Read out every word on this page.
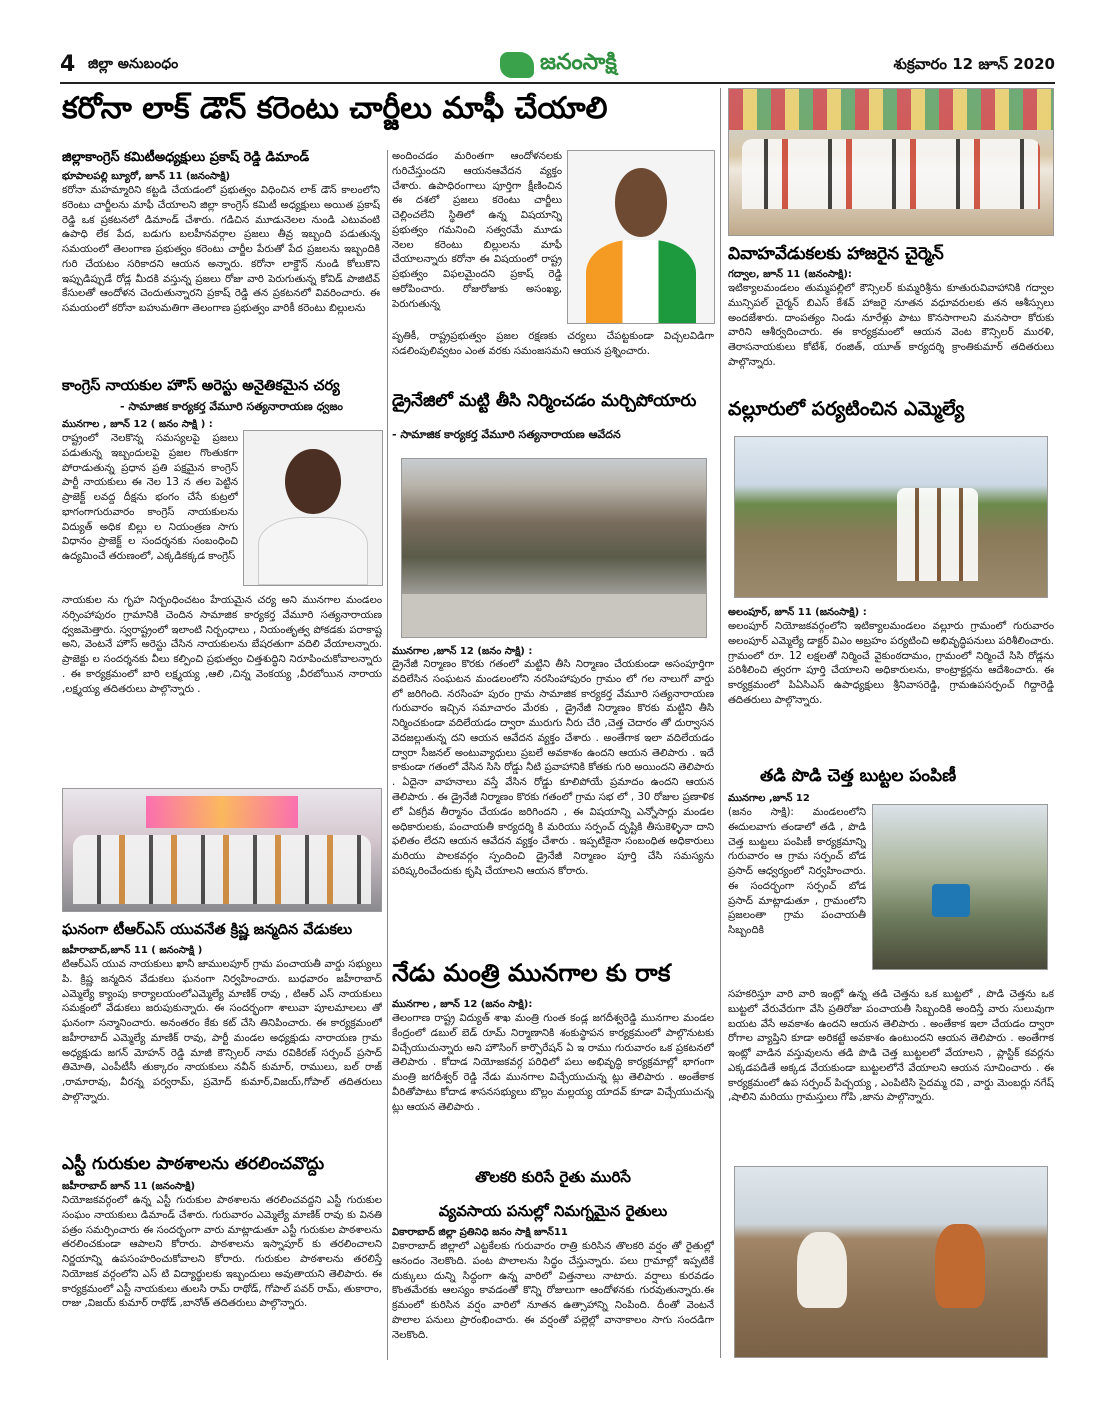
4 జిల్లా అనుబంధం	జనంసాక్షి	శుక్రవారం 12 జూన్ 2020
కరోనా లాక్ డౌన్ కరెంటు చార్జీలు మాఫీ చేయాలి
జిల్లాకాంగ్రెస్ కమిటీఅధ్యక్షులు ప్రకాష్ రెడ్డి డిమాండ్
భూపాలపల్లి బ్యూరో, జూన్ 11 (జనంసాక్షి)
కరోనా మహమ్మారిని కట్టడి చేయడంలో ప్రభుత్వం విధించిన లాక్ డౌన్ కాలంలోని కరెంటు చార్జీలను మాఫీ చేయాలని జిల్లా కాంగ్రెస్ కమిటీ అధ్యక్షులు అయిత ప్రకాష్ రెడ్డి ఒక ప్రకటనలో డిమాండ్ చేశారు. గడిచిన మూడునెలల నుండి ఎటువంటి ఉపాధి లేక పేద, బడుగు బలహీనవర్గాల ప్రజలు తీవ్ర ఇబ్బంది పడుతున్న సమయంలో తెలంగాణ ప్రభుత్వం కరెంటు చార్జీల పేరుతో పేద ప్రజలను ఇబ్బందికి గురి చేయటం సరికాదని ఆయన అన్నారు. కరోనా లాక్డౌన్ నుండి కోలుకొని ఇప్పుడిప్పుడే రోడ్ల మీదకి వస్తున్న ప్రజలు రోజు వారి పెరుగుతున్న కోవిడ్ పాజిటివ్ కేసులతో ఆందోళన చెందుతున్నారని ప్రకాష్ రెడ్డి తన ప్రకటనలో వివరించారు. ఈ సమయంలో కరోనా బహుమతిగా తెలంగాణ ప్రభుత్వం వారికీ కరెంటు బిల్లులను
అందించడం మరింతగా ఆందోళనలకు గురిచేస్తుందని ఆయనఆవేదన వ్యక్తం చేశారు. ఉపాధిరంగాలు పూర్తిగా క్షీణించిన ఈ దశలో ప్రజలు కరెంటు చార్జీలు చెల్లించలేని స్థితిలో ఉన్న విషయాన్ని ప్రభుత్వం గమనించి సత్వరమే మూడు నెలల కరెంటు బిల్లులను మాఫీ చేయాలన్నారు కరోనా ఈ విషయంలో రాష్ట్ర ప్రభుత్వం విఫలమైందని ప్రకాష్ రెడ్డి ఆరోపించారు. రోజురోజుకు అసంఖ్య, పెరుగుతున్న
పృతికీ, రాష్ట్రప్రభుత్వం ప్రజల రక్షణకు చర్యలు చేపట్టకుండా విచ్చలవిడిగా సడలింపులివ్వటం ఎంత వరకు సమంజసమని ఆయన ప్రశ్నించారు.
కాంగ్రెస్ నాయకుల హౌస్ అరెస్టు అనైతికమైన చర్య
- సామాజిక కార్యకర్త వేమూరి సత్యనారాయణ ధ్వజం
మునగాల , జూన్ 12 ( జనం సాక్షి ) :
రాష్ట్రంలో నెలకొన్న సమస్యలపై ప్రజలు పడుతున్న ఇబ్బందులపై ప్రజల గొంతుకగా పోరాడుతున్న ప్రధాన ప్రతి పక్షమైన కాంగ్రెస్ పార్టీ నాయకులు ఈ నెల 13 న తల పెట్టిన ప్రాజెక్ట్ లవద్ద దీక్షను భంగం చేసే కుట్రలో భాగంగాగురువారం కాంగ్రెస్ నాయకులను విద్యుత్ అధిక బిల్లు ల నియంత్రణ సాగు విధానం ప్రాజెక్ట్ ల సందర్శనకు సంబంధించి ఉద్యమించే తరుణంలో, ఎక్కడికక్కడ కాంగ్రెస్
నాయకుల ను గృహ నిర్బంధించటం హేయమైన చర్య అని మునగాల మండలం నర్సింహాపురం గ్రామానికి చెందిన సామాజిక కార్యకర్త వేమూరి సత్యనారాయణ ధ్వజమెత్తారు. స్వరాష్ట్రంలో ఇలాంటి నిర్బంధాలు , నియంతృత్వ పోకడకు పరాకాష్ట అని, వెంటనే హౌస్ అరెస్టు చేసిన నాయకులను బేషరతుగా వదిలి వేయాలన్నారు. ప్రాజెక్టు ల సందర్శనకు వీలు కల్పించి ప్రభుత్వం చిత్తశుద్ధిని నిరూపించుకోవాలన్నారు . ఈ కార్యక్రమంలో బారి లక్ష్మయ్య ,ఆలి ,చిన్న వెంకయ్య ,వీరబోయిన నారాయ ,లక్ష్మయ్య తదితరులు పాల్గొన్నారు .
ఘనంగా టీఆర్ఎస్ యువనేత క్రిష్ణ జన్మదిన వేడుకలు
జహీరాబాద్,జూన్ 11 ( జనంసాక్షి )
టిఆర్ఎస్ యువ నాయకులు ఖానీ జాములపూర్ గ్రామ పంచాయతీ వార్డు సభ్యులు పి. క్రిష్ణ జన్మదిన వేడుకలు ఘనంగా నిర్వహించారు. బుధవారం జహీరాబాద్ ఎమ్మెల్యే క్యాంపు కార్యాలయంలోఎమ్మెల్యే మాణిక్ రావు , టిఆర్ ఎస్ నాయకులు సమక్షంలో వేడుకలు జరుపుకున్నారు. ఈ సందర్భంగా శాలువా పూలమాలలు తో ఘనంగా సన్మానించారు. అనంతరం కేకు కట్ చేసి తినిపించారు. ఈ కార్యక్రమంలో జహీరాబాద్ ఎమ్మెల్యే మాణిక్ రావు, పార్టీ మండల అధ్యక్షుడు నారాయణ గ్రామ అధ్యక్షుడు జగన్ మోహన్ రెడ్డి మాజీ కౌన్సిలర్ నామ రవికిరణ్ సర్పంచ్ ప్రసాద్ తిమోతి, ఎంపీటీసీ తుక్కారం నాయకులు నవీన్ కుమార్, రాములు, బల్ రాజ్ ,రామారావు, వీరన్న పర్వరామ్, ప్రమోద్ కుమార్,విజయ్,గోపాల్ తదితరులు పాల్గొన్నారు.
ఎస్టీ గురుకుల పాఠశాలను తరలించవొద్దు
జహీరాబాద్ జూన్ 11 (జనంసాక్షి)
నియోజకవర్గంలో ఉన్న ఎస్టీ గురుకుల పాఠశాలను తరలించవద్దని ఎస్టీ గురుకుల సంఘం నాయకులు డిమాండ్ చేశారు. గురువారం ఎమ్మెల్యే మాణిక్ రావు కు వినతి పత్రం సమర్పించారు ఈ సందర్భంగా వారు మాట్లాడుతూ ఎస్టీ గురుకుల పాఠశాలను తరలించకుండా ఆపాలని కోరారు. పాఠశాలను ఇస్నాపూర్ కు తరలించాలని నిర్ణయాన్ని ఉపసంహరించుకోవాలని కోరారు. గురుకుల పాఠశాలను తరలిస్తే నియోజక వర్గంలోని ఎస్ టి విద్యార్థులకు ఇబ్బందులు అవుతాయని తెలిపారు. ఈ కార్యక్రమంలో ఎస్టీ నాయకులు తులసి రామ్ రాథోడ్, గోపాల్ పవర్ రామ్, తుకారాం, రాజు ,విజయ్ కుమార్ రాథోడ్ ,బానోత్ తదితరులు పాల్గొన్నారు.
డ్రైనేజిలో మట్టి తీసి నిర్మించడం మర్చిపోయారు
- సామాజిక కార్యకర్త వేమూరి సత్యనారాయణ ఆవేదన
మునగాల ,జూన్ 12 (జనం సాక్షి) :
డ్రైనేజీ నిర్మాణం కొరకు గతంలో మట్టిని తీసి నిర్మాణం చేయకుండా అసంపూర్తిగా వదిలేసిన సంఘటన మండలంలోని నరసింహాపురం గ్రామం లో గల నాలుగో వార్డు లో జరిగింది. నరసింహ పురం గ్రామ సామాజిక కార్యకర్త వేమూరి సత్యనారాయణ గురువారం ఇచ్చిన సమాచారం మేరకు , డ్రైనేజీ నిర్మాణం కొరకు మట్టిని తీసి నిర్మించకుండా వదిలేయడం ద్వారా మురుగు నీరు చేరి ,చెత్త చెదారం తో దుర్వాసన వెదజల్లుతున్న దని ఆయన ఆవేదన వ్యక్తం చేశారు . అంతేగాక ఇలా వదిలేయడం ద్వారా సీజనల్ అంటువ్యాధులు ప్రబలే అవకాశం ఉందని ఆయన తెలిపారు . ఇదే కాకుండా గతంలో వేసిన సిసి రోడ్డు నీటి ప్రవాహానికి కోతకు గురి అయిందని తెలిపారు . ఏదైనా వాహనాలు వస్తే వేసిన రోడ్డు కూలిపోయే ప్రమాదం ఉందని ఆయన తెలిపారు . ఈ డ్రైనేజీ నిర్మాణం కొరకు గతంలో గ్రామ సభ లో , 30 రోజుల ప్రణాళిక లో ఏకగ్రీవ తీర్మానం చేయడం జరిగిందని , ఈ విషయాన్ని ఎన్నోసార్లు మండల అధికారులకు, పంచాయతీ కార్యదర్శి కి మరియు సర్పంచ్ దృష్టికి తీసుకెళ్ళినా దాని ఫలితం లేదని ఆయన ఆవేదన వ్యక్తం చేశారు . ఇప్పటికైనా సంబంధిత అధికారులు మరియు పాలకవర్గం స్పందించి డ్రైనేజీ నిర్మాణం పూర్తి చేసి సమస్యను పరిష్కరించేందుకు కృషి చేయాలని ఆయన కోరారు.
నేడు మంత్రి మునగాల కు రాక
మునగాల , జూన్ 12 (జనం సాక్షి):
తెలంగాణ రాష్ట్ర విద్యుత్ శాఖ మంత్రి గుంత కండ్ల జగదీశ్వరెడ్డి మునగాల మండల కేంద్రంలో డబుల్ బెడ్ రూమ్ నిర్మాణానికి శంకుస్థాపన కార్యక్రమంలో పాల్గొనుటకు విచ్చేయుచున్నారు అని హౌసింగ్ కార్పొరేషన్ ఏ ఇ రాము గురువారం ఒక ప్రకటనలో తెలిపారు . కోదాడ నియోజకవర్గ పరిధిలో పలు అభివృద్ధి కార్యక్రమాల్లో భాగంగా మంత్రి జగదీశ్వర్ రెడ్డి నేడు మునగాల విచ్చేయుచున్న ట్లు తెలిపారు . అంతేకాక వీరితోపాటు కోదాడ శాసనసభ్యులు బొల్లం మల్లయ్య యాదవ్ కూడా విచ్చేయుచున్న ట్లు ఆయన తెలిపారు .
తొలకరి కురిసే రైతు మురిసే
వ్యవసాయ పనుల్లో నిమగ్నమైన రైతులు
వికారాబాద్ జిల్లా ప్రతినిధి జనం సాక్షి జూన్11
వికారాబాద్ జిల్లాలో ఎట్టకేలకు గురువారం రాత్రి కురిసిన తొలకరి వర్షం తో రైతుల్లో ఆనందం నెలకొంది. పంట పొలాలను సిద్ధం చేస్తున్నారు. పలు గ్రామాల్లో ఇప్పటికే దుక్కులు దున్ని సిద్ధంగా ఉన్న వారిలో విత్తనాలు నాటారు. వర్షాలు కురవడం కొంతమేరకు ఆలస్యం కావడంతో కొన్ని రోజులుగా ఆందోళనకు గురవుతున్నారు.ఈ క్రమంలో కురిసిన వర్షం వారిలో నూతన ఉత్సాహాన్ని నింపింది. దీంతో వెంటనే పొలాల పనులు ప్రారంభించారు. ఈ వర్షంతో పల్లెల్లో వానాకాలం సాగు సందడిగా నెలకొంది.
వివాహవేడుకలకు హాజరైన చైర్మెన్
గద్వాల, జూన్ 11 (జనంసాక్షి):
ఇటిక్యాలమండలం తుమ్మపల్లిలో కౌన్సిలర్ కుమ్మరిశ్రీను కూతురువివాహానికి గద్వాల మున్సిపల్ చైర్మన్ బిఎస్ కేశవ్ హాజరై నూతన వధూవరులకు తన ఆశీస్సులు అందజేశారు. దాంపత్యం నిండు నూరేళ్లు పాటు కొనసాగాలని మనసారా కోరుకు వారిని ఆశీర్వదించారు. ఈ కార్యక్రమంలో ఆయన వెంట కౌన్సిలర్ మురళి, తెరాసనాయకులు కోటేశ్, రంజిత్, యూత్ కార్యదర్శి క్రాంతికుమార్ తదితరులు పాల్గొన్నారు.
వల్లూరులో పర్యటించిన ఎమ్మెల్యే
అలంపూర్, జూన్ 11 (జనంసాక్షి) :
అలంపూర్ నియోజకవర్గంలోని ఇటిక్యాలమండలం వల్లూరు గ్రామంలో గురువారం అలంపూర్ ఎమ్మెల్యే డాక్టర్ విఎం అబ్రహం పర్యటించి అభివృద్ధిపనులు పరిశీలించారు. గ్రామంలో రూ. 12 లక్షలతో నిర్మించే వైకుంఠదామం, గ్రామంలో నిర్మించే సిసి రోడ్లను పరిశీలించి త్వరగా పూర్తి చేయాలని అధికారులను, కాంట్రాక్టర్లను ఆదేశించారు. ఈ కార్యక్రమంలో పిఏసిఎస్ ఉపాధ్యక్షులు శ్రీనివాసరెడ్డి, గ్రామఉపసర్పంచ్ గిద్దారెడ్డి తదితరులు పాల్గొన్నారు.
తడి పొడి చెత్త బుట్టల పంపిణీ
మునగాల ,జూన్ 12
(జనం సాక్షి): మండలంలోని ఈదులవాగు తండాలో తడి , పొడి చెత్త బుట్టలు పంపిణీ కార్యక్రమాన్ని గురువారం ఆ గ్రామ సర్పంచ్ బోడ ప్రసాద్ ఆధ్వర్యంలో నిర్వహించారు. ఈ సందర్భంగా సర్పంచ్ బోడ ప్రసాద్ మాట్లాడుతూ , గ్రామంలోని ప్రజలంతా గ్రామ పంచాయతీ సిబ్బందికి
సహకరిస్తూ వారి వారి ఇంట్లో ఉన్న తడి చెత్తను ఒక బుట్టలో , పొడి చెత్తను ఒక బుట్టలో వేరువేరుగా వేసి ప్రతిరోజు పంచాయతీ సిబ్బందికి అందిస్తే వారు సులువుగా బయట వేసే అవకాశం ఉందని ఆయన తెలిపారు . అంతేకాక ఇలా చేయడం ద్వారా రోగాల వ్యాప్తిని కూడా అరికట్టే అవకాశం ఉంటుందని ఆయన తెలిపారు . అంతేగాక ఇంట్లో వాడిన వస్తువులను తడి పొడి చెత్త బుట్టలలో వేయాలని , ప్లాస్టిక్ కవర్లను ఎక్కడపడితే అక్కడ వేయకుండా బుట్టలలోనే వేయాలని ఆయన సూచించారు . ఈ కార్యక్రమంలో ఉప సర్పంచ్ పిచ్చయ్య , ఎంపిటిసి సైదమ్మ రవి , వార్డు మెంబర్లు నగేష్ ,షాలిని మరియు గ్రామస్తులు గోపి ,జాను పాల్గొన్నారు.
